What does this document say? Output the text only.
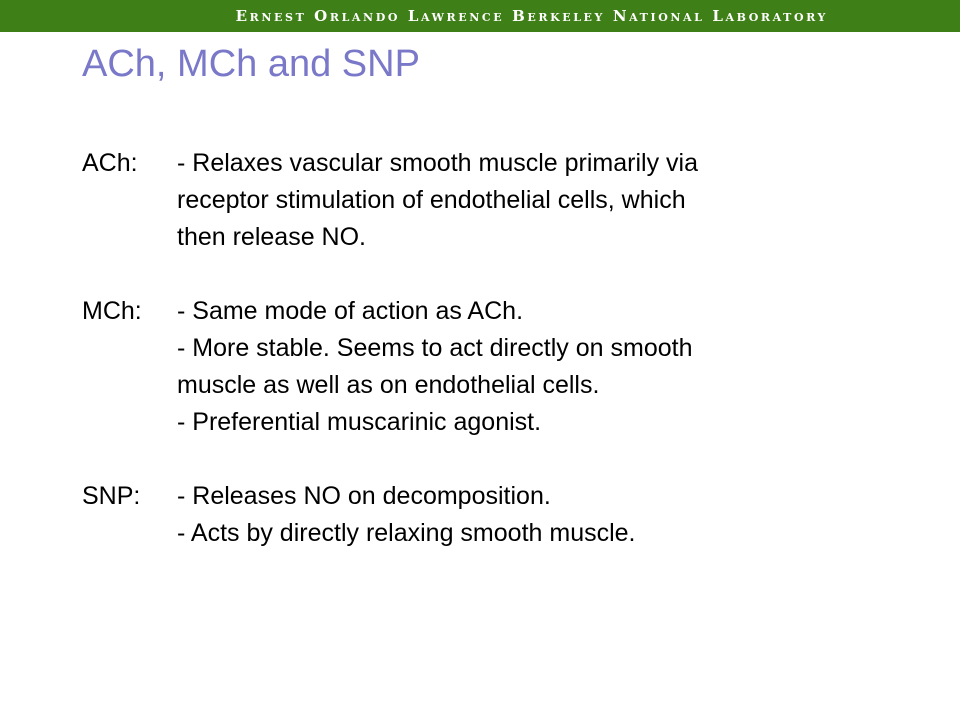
Ernest Orlando Lawrence Berkeley National Laboratory
ACh, MCh and SNP
ACh:	- Relaxes vascular smooth muscle primarily via
receptor stimulation of endothelial cells, which
then release NO.
MCh:	- Same mode of action as ACh.
- More stable. Seems to act directly on smooth
muscle as well as on endothelial cells.
- Preferential muscarinic agonist.
SNP:	- Releases NO on decomposition.
- Acts by directly relaxing smooth muscle.
